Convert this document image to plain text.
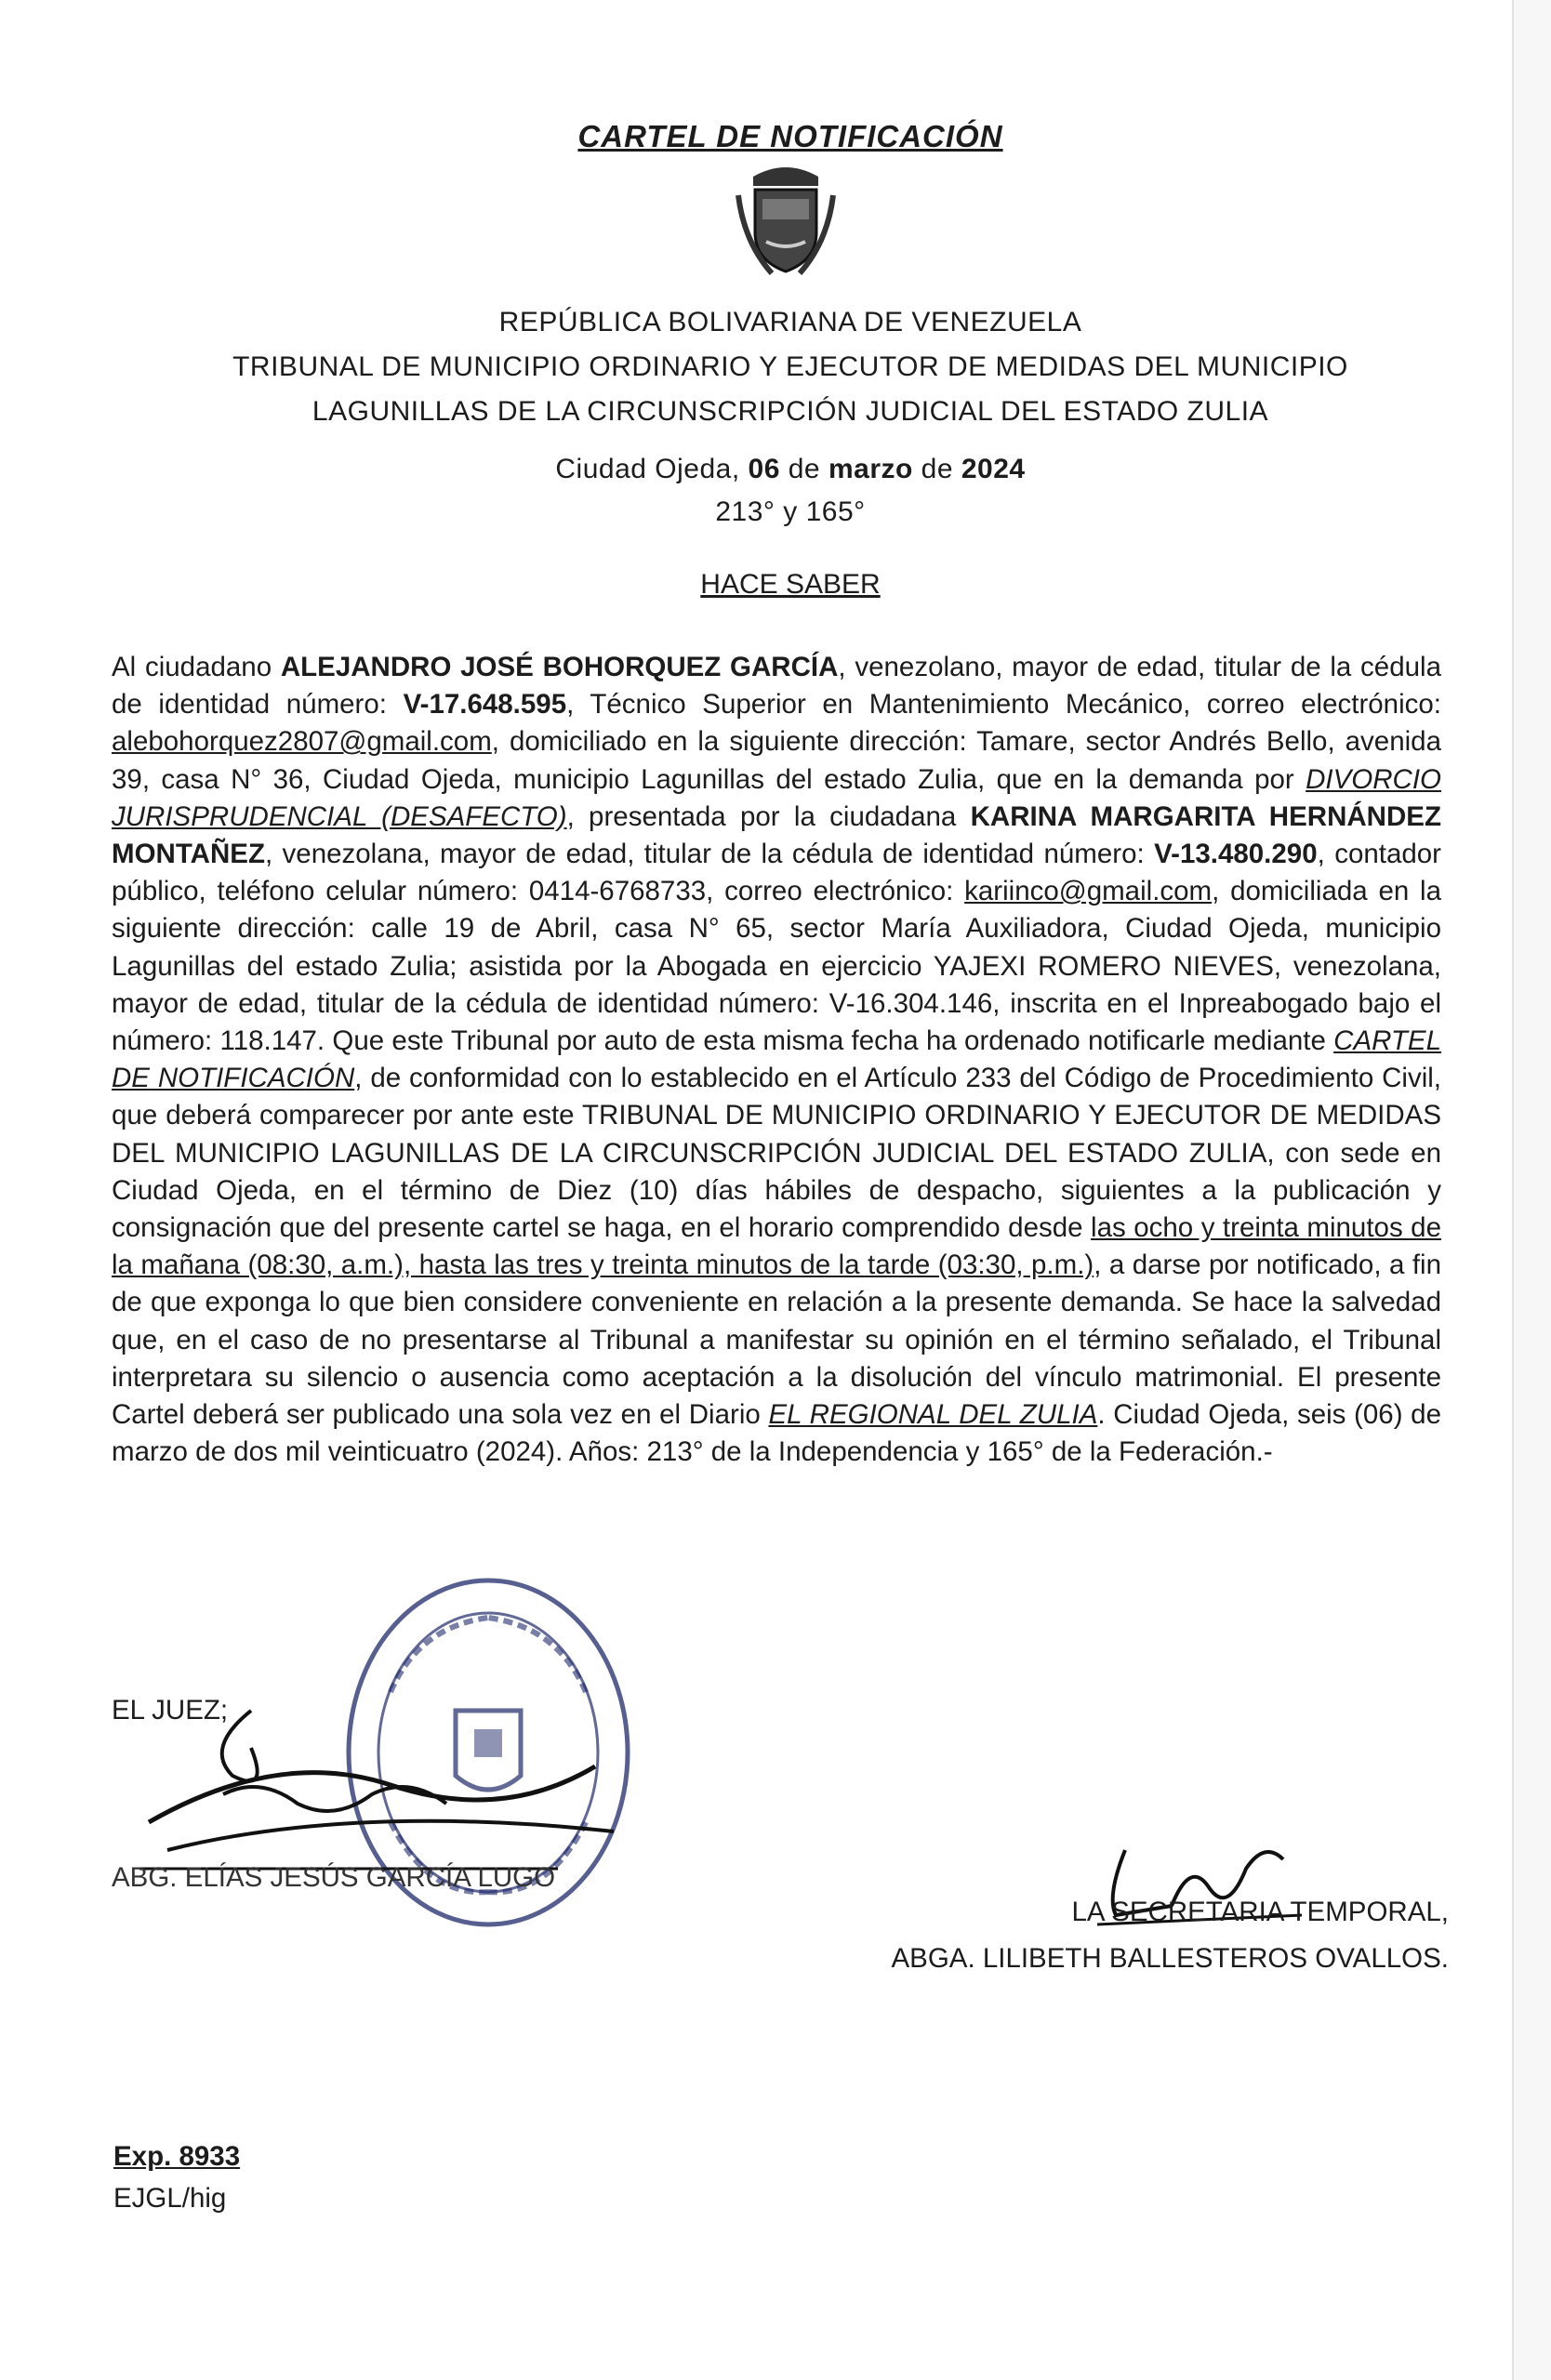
CARTEL DE NOTIFICACIÓN
REPÚBLICA BOLIVARIANA DE VENEZUELA
TRIBUNAL DE MUNICIPIO ORDINARIO Y EJECUTOR DE MEDIDAS DEL MUNICIPIO
LAGUNILLAS DE LA CIRCUNSCRIPCIÓN JUDICIAL DEL ESTADO ZULIA
Ciudad Ojeda, 06 de marzo de 2024
213° y 165°
HACE SABER
Al ciudadano ALEJANDRO JOSÉ BOHORQUEZ GARCÍA, venezolano, mayor de edad, titular de la cédula de identidad número: V-17.648.595, Técnico Superior en Mantenimiento Mecánico, correo electrónico: alebohorquez2807@gmail.com, domiciliado en la siguiente dirección: Tamare, sector Andrés Bello, avenida 39, casa N° 36, Ciudad Ojeda, municipio Lagunillas del estado Zulia, que en la demanda por DIVORCIO JURISPRUDENCIAL (DESAFECTO), presentada por la ciudadana KARINA MARGARITA HERNÁNDEZ MONTAÑEZ, venezolana, mayor de edad, titular de la cédula de identidad número: V-13.480.290, contador público, teléfono celular número: 0414-6768733, correo electrónico: kariinco@gmail.com, domiciliada en la siguiente dirección: calle 19 de Abril, casa N° 65, sector María Auxiliadora, Ciudad Ojeda, municipio Lagunillas del estado Zulia; asistida por la Abogada en ejercicio YAJEXI ROMERO NIEVES, venezolana, mayor de edad, titular de la cédula de identidad número: V-16.304.146, inscrita en el Inpreabogado bajo el número: 118.147. Que este Tribunal por auto de esta misma fecha ha ordenado notificarle mediante CARTEL DE NOTIFICACIÓN, de conformidad con lo establecido en el Artículo 233 del Código de Procedimiento Civil, que deberá comparecer por ante este TRIBUNAL DE MUNICIPIO ORDINARIO Y EJECUTOR DE MEDIDAS DEL MUNICIPIO LAGUNILLAS DE LA CIRCUNSCRIPCIÓN JUDICIAL DEL ESTADO ZULIA, con sede en Ciudad Ojeda, en el término de Diez (10) días hábiles de despacho, siguientes a la publicación y consignación que del presente cartel se haga, en el horario comprendido desde las ocho y treinta minutos de la mañana (08:30, a.m.), hasta las tres y treinta minutos de la tarde (03:30, p.m.), a darse por notificado, a fin de que exponga lo que bien considere conveniente en relación a la presente demanda. Se hace la salvedad que, en el caso de no presentarse al Tribunal a manifestar su opinión en el término señalado, el Tribunal interpretara su silencio o ausencia como aceptación a la disolución del vínculo matrimonial. El presente Cartel deberá ser publicado una sola vez en el Diario EL REGIONAL DEL ZULIA. Ciudad Ojeda, seis (06) de marzo de dos mil veinticuatro (2024). Años: 213° de la Independencia y 165° de la Federación.-
EL JUEZ;
ABG. ELÍAS JESÚS GARCÍA LUGO
LA SECRETARIA TEMPORAL,
ABGA. LILIBETH BALLESTEROS OVALLOS.
Exp. 8933
EJGL/hig
